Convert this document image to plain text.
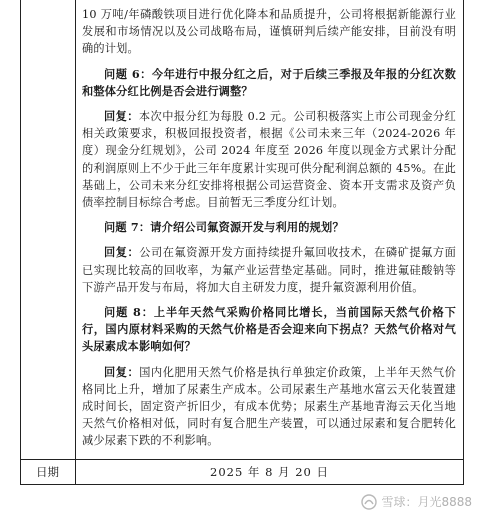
10 万吨/年磷酸铁项目进行优化降本和品质提升，公司将根据新能源行业发展和市场情况以及公司战略布局，谨慎研判后续产能安排，目前没有明确的计划。

问题 6：今年进行中报分红之后，对于后续三季报及年报的分红次数和整体分红比例是否会进行调整？

回复：本次中报分红为每股 0.2 元。公司积极落实上市公司现金分红相关政策要求，积极回报投资者，根据《公司未来三年（2024-2026 年度）现金分红规划》，公司 2024 年度至 2026 年度以现金方式累计分配的利润原则上不少于此三年年度累计实现可供分配利润总额的 45%。在此基础上，公司未来分红安排将根据公司运营资金、资本开支需求及资产负债率控制目标综合考虑。目前暂无三季度分红计划。

问题 7：请介绍公司氟资源开发与利用的规划？

回复：公司在氟资源开发方面持续提升氟回收技术，在磷矿提氟方面已实现比较高的回收率，为氟产业运营垫定基础。同时，推进氟硅酸钠等下游产品开发与布局，将加大自主研发力度，提升氟资源利用价值。

问题 8：上半年天然气采购价格同比增长，当前国际天然气价格下行，国内原材料采购的天然气价格是否会迎来向下拐点？天然气价格对气头尿素成本影响如何？

回复：国内化肥用天然气价格是执行单独定价政策，上半年天然气价格同比上升，增加了尿素生产成本。公司尿素生产基地水富云天化装置建成时间长，固定资产折旧少，有成本优势；尿素生产基地青海云天化当地天然气价格相对低，同时有复合肥生产装置，可以通过尿素和复合肥转化减少尿素下跌的不利影响。

日期	2025 年 8 月 20 日
雪球：月光8888
